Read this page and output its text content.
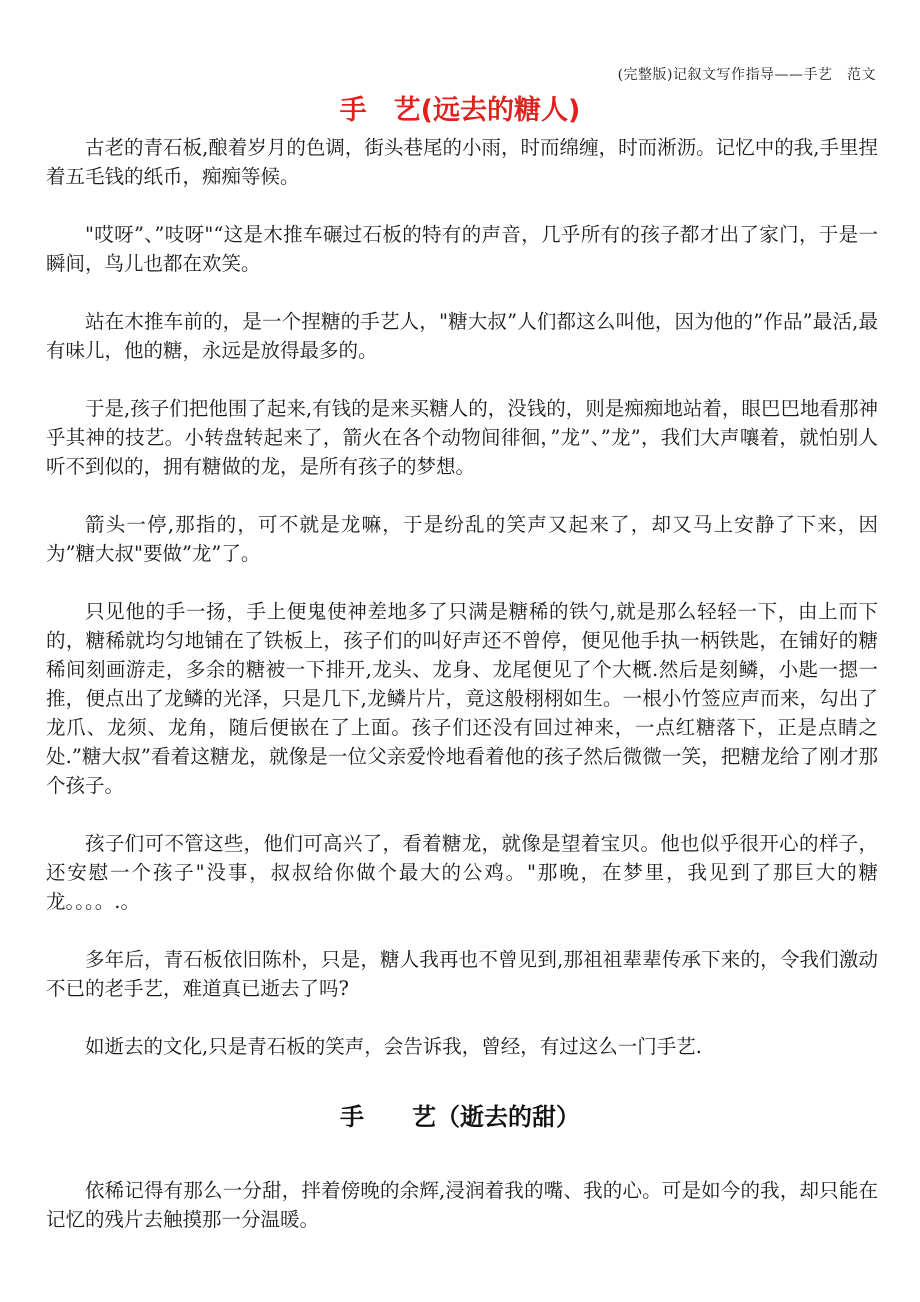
(完整版)记叙文写作指导——手艺　范文
手　艺(远去的糖人)

古老的青石板,酿着岁月的色调，街头巷尾的小雨，时而绵缠，时而淅沥。记忆中的我,手里捏着五毛钱的纸币，痴痴等候。

"哎呀”、”吱呀"“这是木推车碾过石板的特有的声音，几乎所有的孩子都才出了家门，于是一瞬间，鸟儿也都在欢笑。

站在木推车前的，是一个捏糖的手艺人，"糖大叔”人们都这么叫他，因为他的”作品”最活,最有味儿，他的糖，永远是放得最多的。

于是,孩子们把他围了起来,有钱的是来买糖人的，没钱的，则是痴痴地站着，眼巴巴地看那神乎其神的技艺。小转盘转起来了，箭火在各个动物间徘徊，”龙”、”龙”，我们大声嚷着，就怕别人听不到似的，拥有糖做的龙，是所有孩子的梦想。

箭头一停,那指的，可不就是龙嘛，于是纷乱的笑声又起来了，却又马上安静了下来，因为”糖大叔"要做”龙”了。

只见他的手一扬，手上便鬼使神差地多了只满是糖稀的铁勺,就是那么轻轻一下，由上而下的，糖稀就均匀地铺在了铁板上，孩子们的叫好声还不曾停，便见他手执一柄铁匙，在铺好的糖稀间刻画游走，多余的糖被一下排开,龙头、龙身、龙尾便见了个大概.然后是刻鳞，小匙一摁一推，便点出了龙鳞的光泽，只是几下,龙鳞片片，竟这般栩栩如生。一根小竹签应声而来，勾出了龙爪、龙须、龙角，随后便嵌在了上面。孩子们还没有回过神来，一点红糖落下，正是点睛之处.”糖大叔”看着这糖龙，就像是一位父亲爱怜地看着他的孩子然后微微一笑，把糖龙给了刚才那个孩子。

孩子们可不管这些，他们可高兴了，看着糖龙，就像是望着宝贝。他也似乎很开心的样子，还安慰一个孩子"没事，叔叔给你做个最大的公鸡。"那晚，在梦里，我见到了那巨大的糖龙。。。。.。

多年后，青石板依旧陈朴，只是，糖人我再也不曾见到,那祖祖辈辈传承下来的，令我们激动不已的老手艺，难道真已逝去了吗?

如逝去的文化,只是青石板的笑声，会告诉我，曾经，有过这么一门手艺.

手　　艺（逝去的甜）

依稀记得有那么一分甜，拌着傍晚的余辉,浸润着我的嘴、我的心。可是如今的我，却只能在记忆的残片去触摸那一分温暖。
